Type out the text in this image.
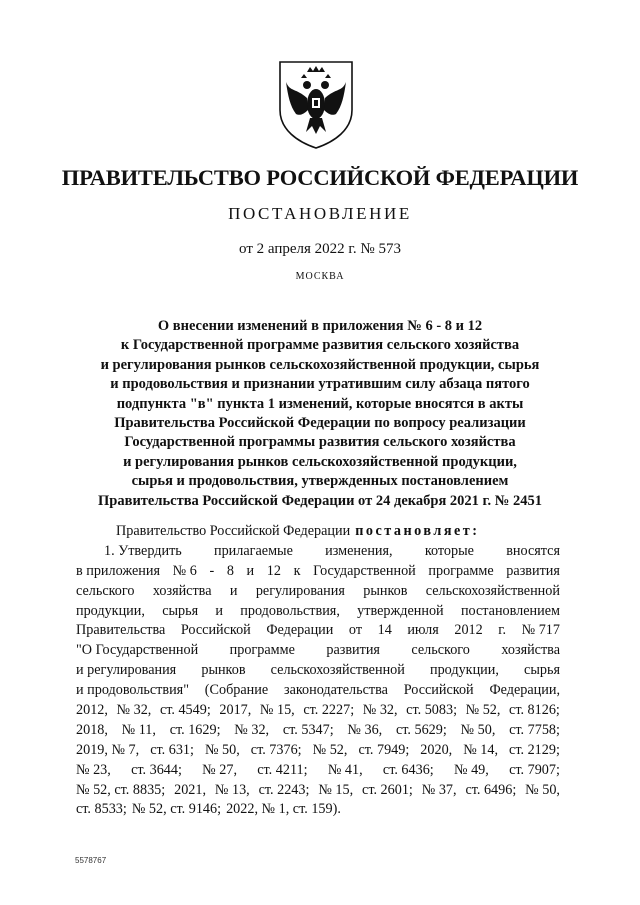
ПРАВИТЕЛЬСТВО РОССИЙСКОЙ ФЕДЕРАЦИИ
ПОСТАНОВЛЕНИЕ
от 2 апреля 2022 г. № 573
МОСКВА
О внесении изменений в приложения № 6 - 8 и 12
к Государственной программе развития сельского хозяйства
и регулирования рынков сельскохозяйственной продукции, сырья
и продовольствия и признании утратившим силу абзаца пятого
подпункта "в" пункта 1 изменений, которые вносятся в акты
Правительства Российской Федерации по вопросу реализации
Государственной программы развития сельского хозяйства
и регулирования рынков сельскохозяйственной продукции,
сырья и продовольствия, утвержденных постановлением
Правительства Российской Федерации от 24 декабря 2021 г. № 2451
Правительство Российской Федерации постановляет:
1. Утвердить прилагаемые изменения, которые вносятся
в приложения № 6 - 8 и 12 к Государственной программе развития
сельского хозяйства и регулирования рынков сельскохозяйственной
продукции, сырья и продовольствия, утвержденной постановлением
Правительства Российской Федерации от 14 июля 2012 г. № 717
"О Государственной программе развития сельского хозяйства
и регулирования рынков сельскохозяйственной продукции, сырья
и продовольствия" (Собрание законодательства Российской Федерации,
2012, № 32, ст. 4549; 2017, № 15, ст. 2227; № 32, ст. 5083; № 52, ст. 8126;
2018, № 11, ст. 1629; № 32, ст. 5347; № 36, ст. 5629; № 50, ст. 7758;
2019, № 7, ст. 631; № 50, ст. 7376; № 52, ст. 7949; 2020, № 14, ст. 2129;
№ 23, ст. 3644; № 27, ст. 4211; № 41, ст. 6436; № 49, ст. 7907;
№ 52, ст. 8835; 2021, № 13, ст. 2243; № 15, ст. 2601; № 37, ст. 6496; № 50,
ст. 8533; № 52, ст. 9146; 2022, № 1, ст. 159).
5578767
